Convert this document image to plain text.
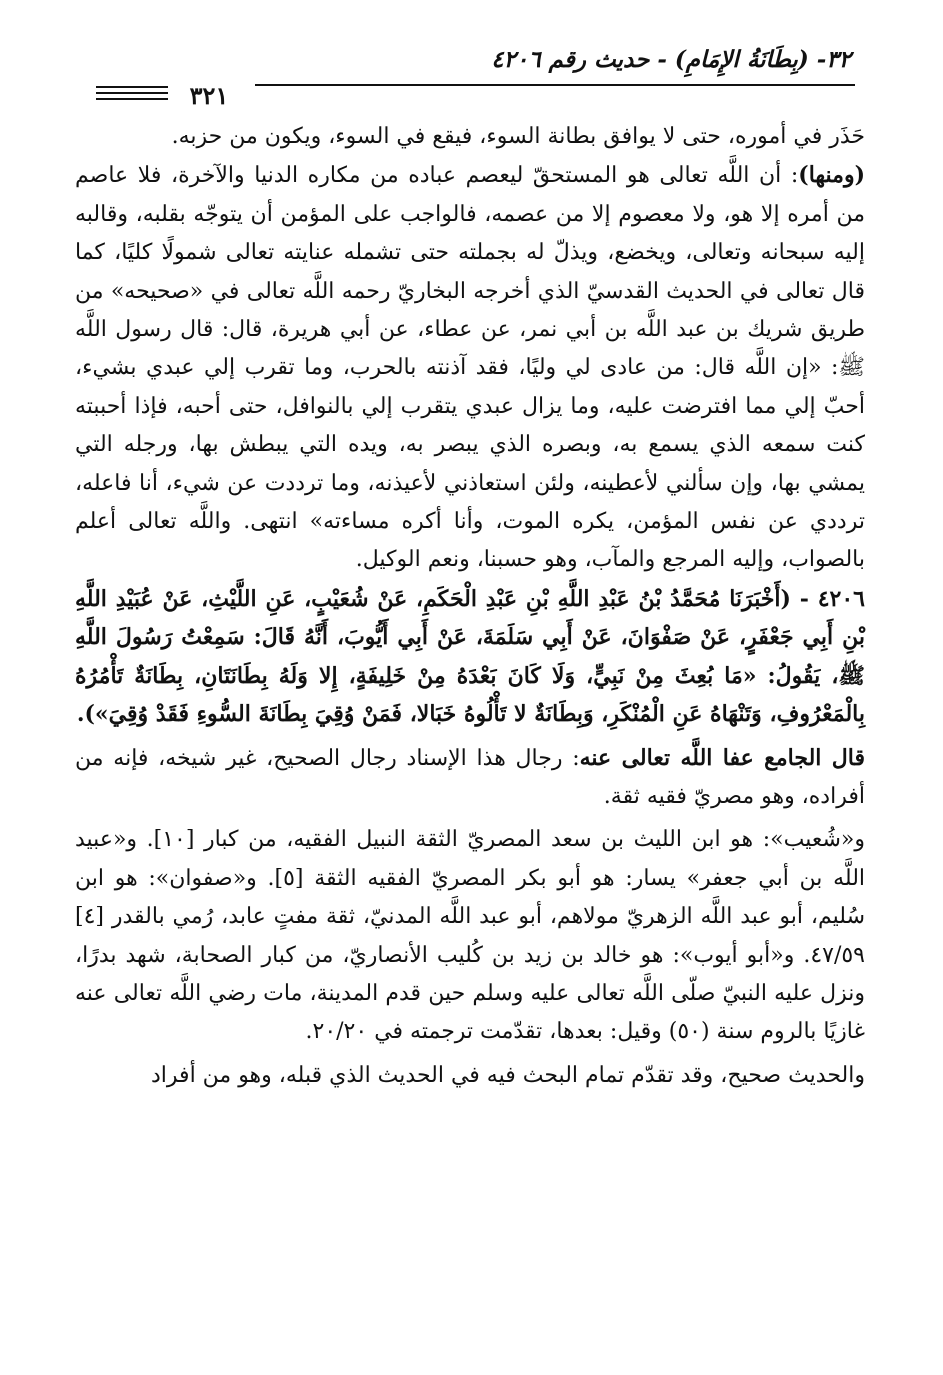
٣٢- (بِطَانَةُ الإِمَامِ)-حديث رقم ٤٢٠٦
٣٢١

حَذَر في أموره، حتى لا يوافق بطانة السوء، فيقع في السوء، ويكون من حزبه.

(ومنها): أن اللَّه تعالى هو المستحقّ ليعصم عباده من مكاره الدنيا والآخرة، فلا عاصم من أمره إلا هو، ولا معصوم إلا من عصمه، فالواجب على المؤمن أن يتوجّه بقلبه، وقالبه إليه سبحانه وتعالى، ويخضع، ويذلّ له بجملته حتى تشمله عنايته تعالى شمولًا كليًا، كما قال تعالى في الحديث القدسيّ الذي أخرجه البخاريّ رحمه اللَّه تعالى في «صحيحه» من طريق شريك بن عبد اللَّه بن أبي نمر، عن عطاء، عن أبي هريرة، قال: قال رسول اللَّه ﷺ: «إن اللَّه قال: من عادى لي وليًا، فقد آذنته بالحرب، وما تقرب إلي عبدي بشيء، أحبّ إلي مما افترضت عليه، وما يزال عبدي يتقرب إلي بالنوافل، حتى أحبه، فإذا أحببته كنت سمعه الذي يسمع به، وبصره الذي يبصر به، ويده التي يبطش بها، ورجله التي يمشي بها، وإن سألني لأعطينه، ولئن استعاذني لأعيذنه، وما ترددت عن شيء، أنا فاعله، ترددي عن نفس المؤمن، يكره الموت، وأنا أكره مساءته» انتهى. واللَّه تعالى أعلم بالصواب، وإليه المرجع والمآب، وهو حسبنا، ونعم الوكيل.

٤٢٠٦ - (أَخْبَرَنَا مُحَمَّدُ بْنُ عَبْدِ اللَّهِ بْنِ عَبْدِ الْحَكَمِ، عَنْ شُعَيْبٍ، عَنِ اللَّيْثِ، عَنْ عُبَيْدِ اللَّهِ بْنِ أَبِي جَعْفَرٍ، عَنْ صَفْوَانَ، عَنْ أَبِي سَلَمَةَ، عَنْ أَبِي أَيُّوبَ، أَنَّهُ قَالَ: سَمِعْتُ رَسُولَ اللَّهِ ﷺ، يَقُولُ: «مَا بُعِثَ مِنْ نَبِيٍّ، وَلَا كَانَ بَعْدَهُ مِنْ خَلِيفَةٍ، إِلا وَلَهُ بِطَانَتَانِ، بِطَانَةٌ تَأْمُرُهُ بِالْمَعْرُوفِ، وَتَنْهَاهُ عَنِ الْمُنْكَرِ، وَبِطَانَةٌ لا تَأْلُوهُ خَبَالا، فَمَنْ وُقِيَ بِطَانَةَ السُّوءِ فَقَدْ وُقِيَ»).

قال الجامع عفا اللَّه تعالى عنه: رجال هذا الإسناد رجال الصحيح، غير شيخه، فإنه من أفراده، وهو مصريّ فقيه ثقة.

و«شُعيب»: هو ابن الليث بن سعد المصريّ الثقة النبيل الفقيه، من كبار [١٠]. و«عبيد اللَّه بن أبي جعفر» يسار: هو أبو بكر المصريّ الفقيه الثقة [٥]. و«صفوان»: هو ابن سُليم، أبو عبد اللَّه الزهريّ مولاهم، أبو عبد اللَّه المدنيّ، ثقة مفتٍ عابد، رُمي بالقدر [٤] ٤٧/٥٩. و«أبو أيوب»: هو خالد بن زيد بن كُليب الأنصاريّ، من كبار الصحابة، شهد بدرًا، ونزل عليه النبيّ صلّى اللَّه تعالى عليه وسلم حين قدم المدينة، مات رضي اللَّه تعالى عنه غازيًا بالروم سنة (٥٠) وقيل: بعدها، تقدّمت ترجمته في ٢٠/٢٠.

والحديث صحيح، وقد تقدّم تمام البحث فيه في الحديث الذي قبله، وهو من أفراد
